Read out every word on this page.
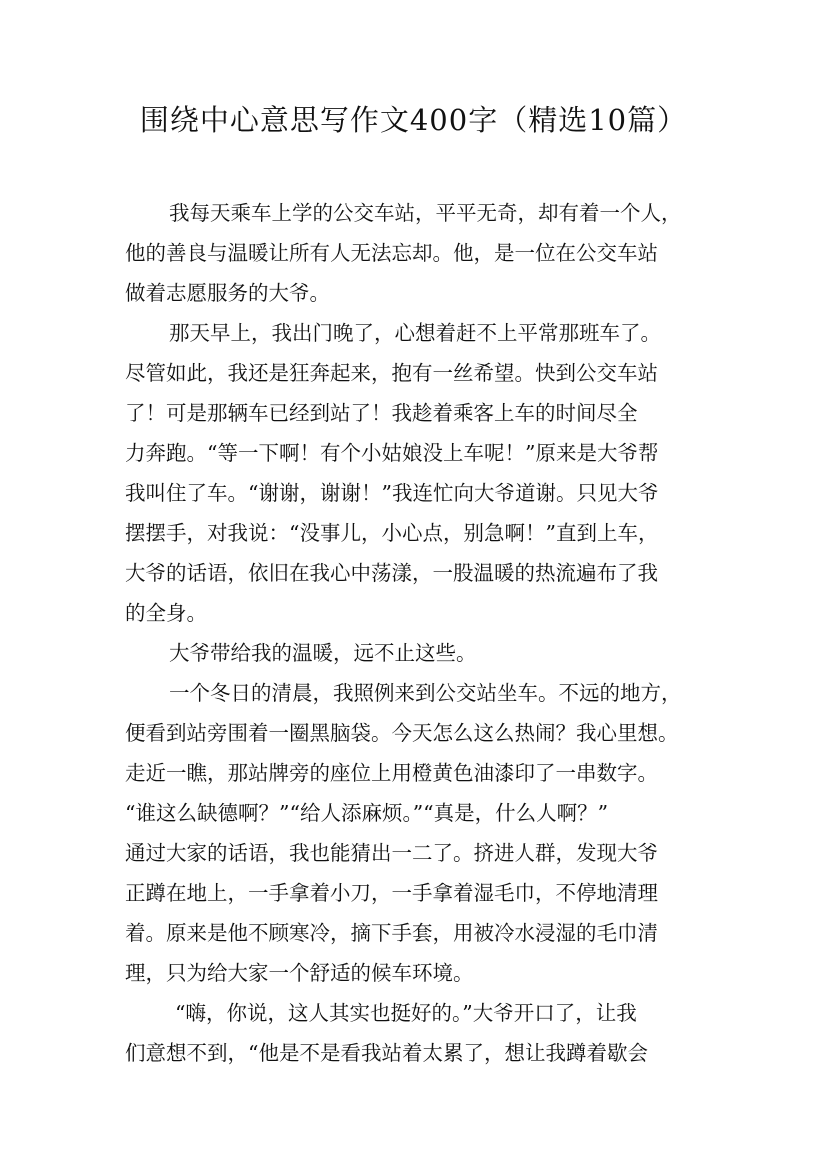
围绕中心意思写作文400字（精选10篇）
我每天乘车上学的公交车站，平平无奇，却有着一个人，
他的善良与温暖让所有人无法忘却。他，是一位在公交车站
做着志愿服务的大爷。
那天早上，我出门晚了，心想着赶不上平常那班车了。
尽管如此，我还是狂奔起来，抱有一丝希望。快到公交车站
了！可是那辆车已经到站了！我趁着乘客上车的时间尽全
力奔跑。“等一下啊！有个小姑娘没上车呢！”原来是大爷帮
我叫住了车。“谢谢，谢谢！”我连忙向大爷道谢。只见大爷
摆摆手，对我说：“没事儿，小心点，别急啊！”直到上车，
大爷的话语，依旧在我心中荡漾，一股温暖的热流遍布了我
的全身。
大爷带给我的温暖，远不止这些。
一个冬日的清晨，我照例来到公交站坐车。不远的地方，
便看到站旁围着一圈黑脑袋。今天怎么这么热闹？我心里想。
走近一瞧，那站牌旁的座位上用橙黄色油漆印了一串数字。
“谁这么缺德啊？”“给人添麻烦。”“真是，什么人啊？”
通过大家的话语，我也能猜出一二了。挤进人群，发现大爷
正蹲在地上，一手拿着小刀，一手拿着湿毛巾，不停地清理
着。原来是他不顾寒冷，摘下手套，用被冷水浸湿的毛巾清
理，只为给大家一个舒适的候车环境。
“嗨，你说，这人其实也挺好的。”大爷开口了，让我
们意想不到，“他是不是看我站着太累了，想让我蹲着歇会
